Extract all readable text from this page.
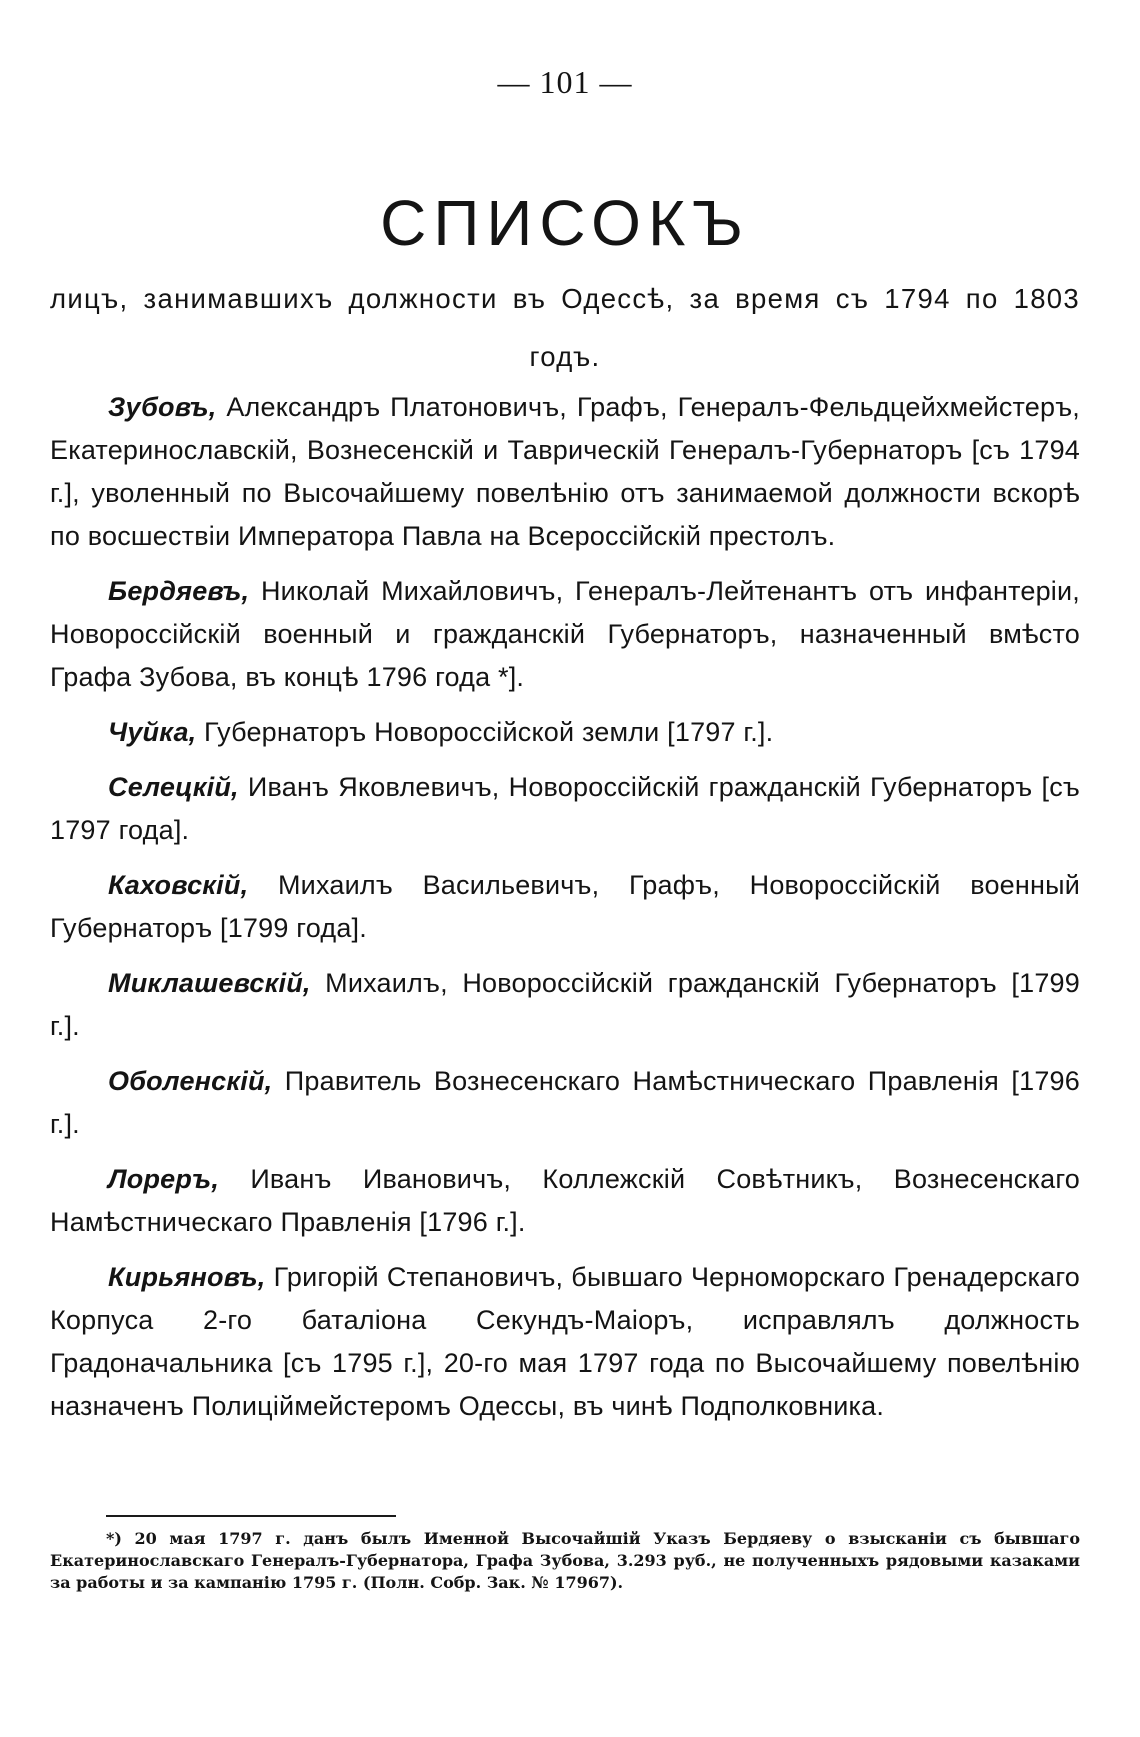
— 101 —
СПИСОКЪ

лицъ, занимавшихъ должности въ Одессѣ, за время съ 1794 по 1803 годъ.

Зубовъ, Александръ Платоновичъ, Графъ, Генералъ-Фельдцейхмейстеръ, Екатеринославскій, Вознесенскій и Таврическій Генералъ-Губернаторъ [съ 1794 г.], уволенный по Высочайшему повелѣнію отъ занимаемой должности вскорѣ по восшествіи Императора Павла на Всероссійскій престолъ.

Бердяевъ, Николай Михайловичъ, Генералъ-Лейтенантъ отъ инфантеріи, Новороссійскій военный и гражданскій Губернаторъ, назначенный вмѣсто Графа Зубова, въ концѣ 1796 года *].

Чуйка, Губернаторъ Новороссійской земли [1797 г.].

Селецкій, Иванъ Яковлевичъ, Новороссійскій гражданскій Губернаторъ [съ 1797 года].

Каховскій, Михаилъ Васильевичъ, Графъ, Новороссійскій военный Губернаторъ [1799 года].

Миклашевскій, Михаилъ, Новороссійскій гражданскій Губернаторъ [1799 г.].

Оболенскій, Правитель Вознесенскаго Намѣстническаго Правленія [1796 г.].

Лореръ, Иванъ Ивановичъ, Коллежскій Совѣтникъ, Вознесенскаго Намѣстническаго Правленія [1796 г.].

Кирьяновъ, Григорій Степановичъ, бывшаго Черноморскаго Гренадерскаго Корпуса 2-го баталіона Секундъ-Маіоръ, исправлялъ должность Градоначальника [съ 1795 г.], 20-го мая 1797 года по Высочайшему повелѣнію назначенъ Полиціймейстеромъ Одессы, въ чинѣ Подполковника.

*) 20 мая 1797 г. данъ былъ Именной Высочайшій Указъ Бердяеву о взысканіи съ бывшаго Екатеринославскаго Генералъ-Губернатора, Графа Зубова, 3.293 руб., не полученныхъ рядовыми казаками за работы и за кампанію 1795 г. (Полн. Собр. Зак. № 17967).
